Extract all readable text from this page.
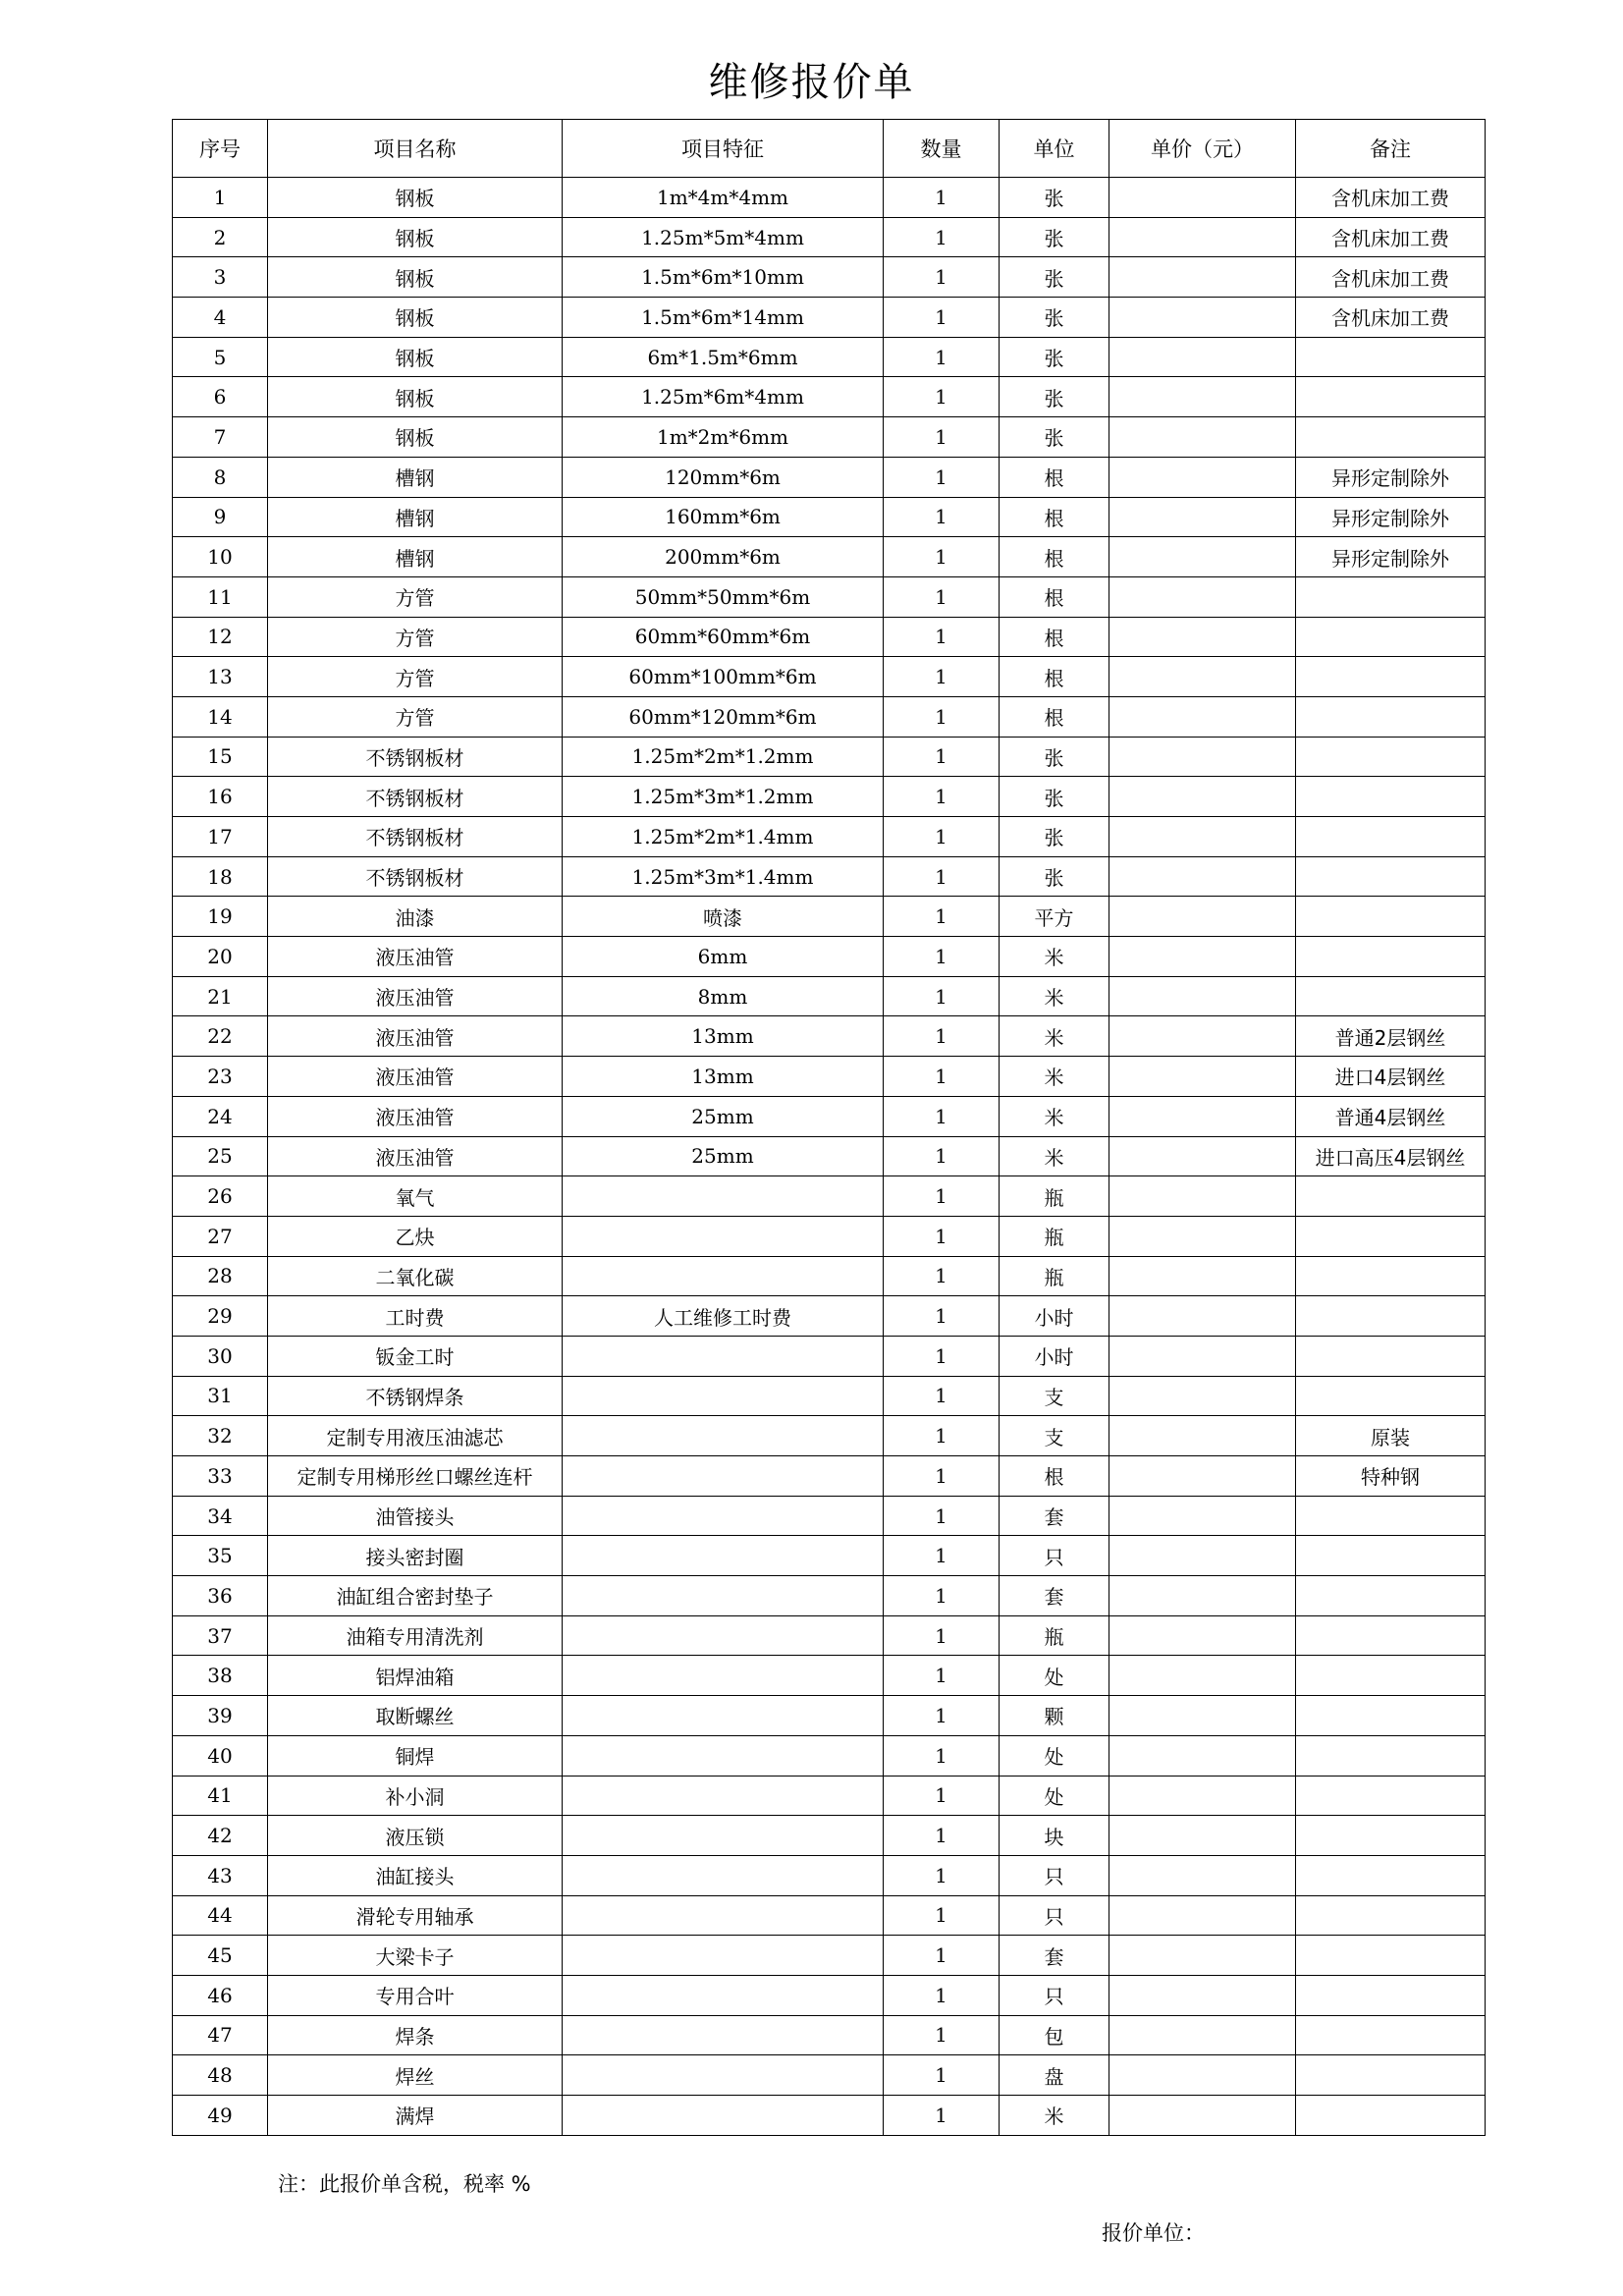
维修报价单
序号	项目名称	项目特征	数量	单位	单价（元）	备注
1	钢板	1m*4m*4mm	1	张		含机床加工费
2	钢板	1.25m*5m*4mm	1	张		含机床加工费
3	钢板	1.5m*6m*10mm	1	张		含机床加工费
4	钢板	1.5m*6m*14mm	1	张		含机床加工费
5	钢板	6m*1.5m*6mm	1	张		
6	钢板	1.25m*6m*4mm	1	张		
7	钢板	1m*2m*6mm	1	张		
8	槽钢	120mm*6m	1	根		异形定制除外
9	槽钢	160mm*6m	1	根		异形定制除外
10	槽钢	200mm*6m	1	根		异形定制除外
11	方管	50mm*50mm*6m	1	根		
12	方管	60mm*60mm*6m	1	根		
13	方管	60mm*100mm*6m	1	根		
14	方管	60mm*120mm*6m	1	根		
15	不锈钢板材	1.25m*2m*1.2mm	1	张		
16	不锈钢板材	1.25m*3m*1.2mm	1	张		
17	不锈钢板材	1.25m*2m*1.4mm	1	张		
18	不锈钢板材	1.25m*3m*1.4mm	1	张		
19	油漆	喷漆	1	平方		
20	液压油管	6mm	1	米		
21	液压油管	8mm	1	米		
22	液压油管	13mm	1	米		普通2层钢丝
23	液压油管	13mm	1	米		进口4层钢丝
24	液压油管	25mm	1	米		普通4层钢丝
25	液压油管	25mm	1	米		进口高压4层钢丝
26	氧气		1	瓶		
27	乙炔		1	瓶		
28	二氧化碳		1	瓶		
29	工时费	人工维修工时费	1	小时		
30	钣金工时		1	小时		
31	不锈钢焊条		1	支		
32	定制专用液压油滤芯		1	支		原装
33	定制专用梯形丝口螺丝连杆		1	根		特种钢
34	油管接头		1	套		
35	接头密封圈		1	只		
36	油缸组合密封垫子		1	套		
37	油箱专用清洗剂		1	瓶		
38	铝焊油箱		1	处		
39	取断螺丝		1	颗		
40	铜焊		1	处		
41	补小洞		1	处		
42	液压锁		1	块		
43	油缸接头		1	只		
44	滑轮专用轴承		1	只		
45	大梁卡子		1	套		
46	专用合叶		1	只		
47	焊条		1	包		
48	焊丝		1	盘		
49	满焊		1	米		
注：此报价单含税，税率 %
报价单位：
